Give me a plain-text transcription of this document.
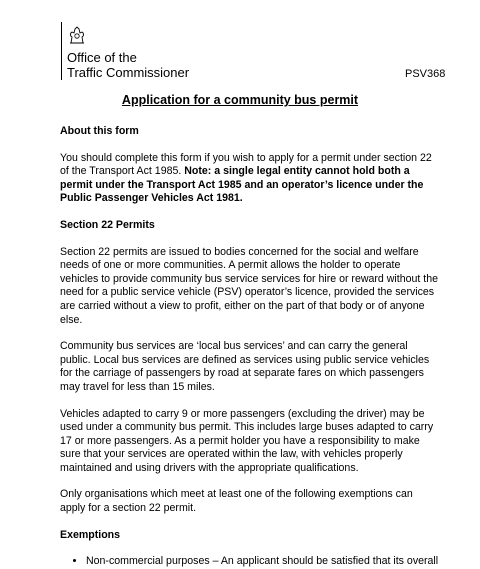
Office of the
Traffic Commissioner	PSV368
Application for a community bus permit
About this form

You should complete this form if you wish to apply for a permit under section 22 of the Transport Act 1985. Note: a single legal entity cannot hold both a permit under the Transport Act 1985 and an operator’s licence under the Public Passenger Vehicles Act 1981.

Section 22 Permits

Section 22 permits are issued to bodies concerned for the social and welfare needs of one or more communities. A permit allows the holder to operate vehicles to provide community bus service services for hire or reward without the need for a public service vehicle (PSV) operator’s licence, provided the services are carried without a view to profit, either on the part of that body or of anyone else.

Community bus services are ‘local bus services’ and can carry the general public. Local bus services are defined as services using public service vehicles for the carriage of passengers by road at separate fares on which passengers may travel for less than 15 miles.

Vehicles adapted to carry 9 or more passengers (excluding the driver) may be used under a community bus permit. This includes large buses adapted to carry 17 or more passengers. As a permit holder you have a responsibility to make sure that your services are operated within the law, with vehicles properly maintained and using drivers with the appropriate qualifications.

Only organisations which meet at least one of the following exemptions can apply for a section 22 permit.

Exemptions
• Non-commercial purposes – An applicant should be satisfied that its overall
